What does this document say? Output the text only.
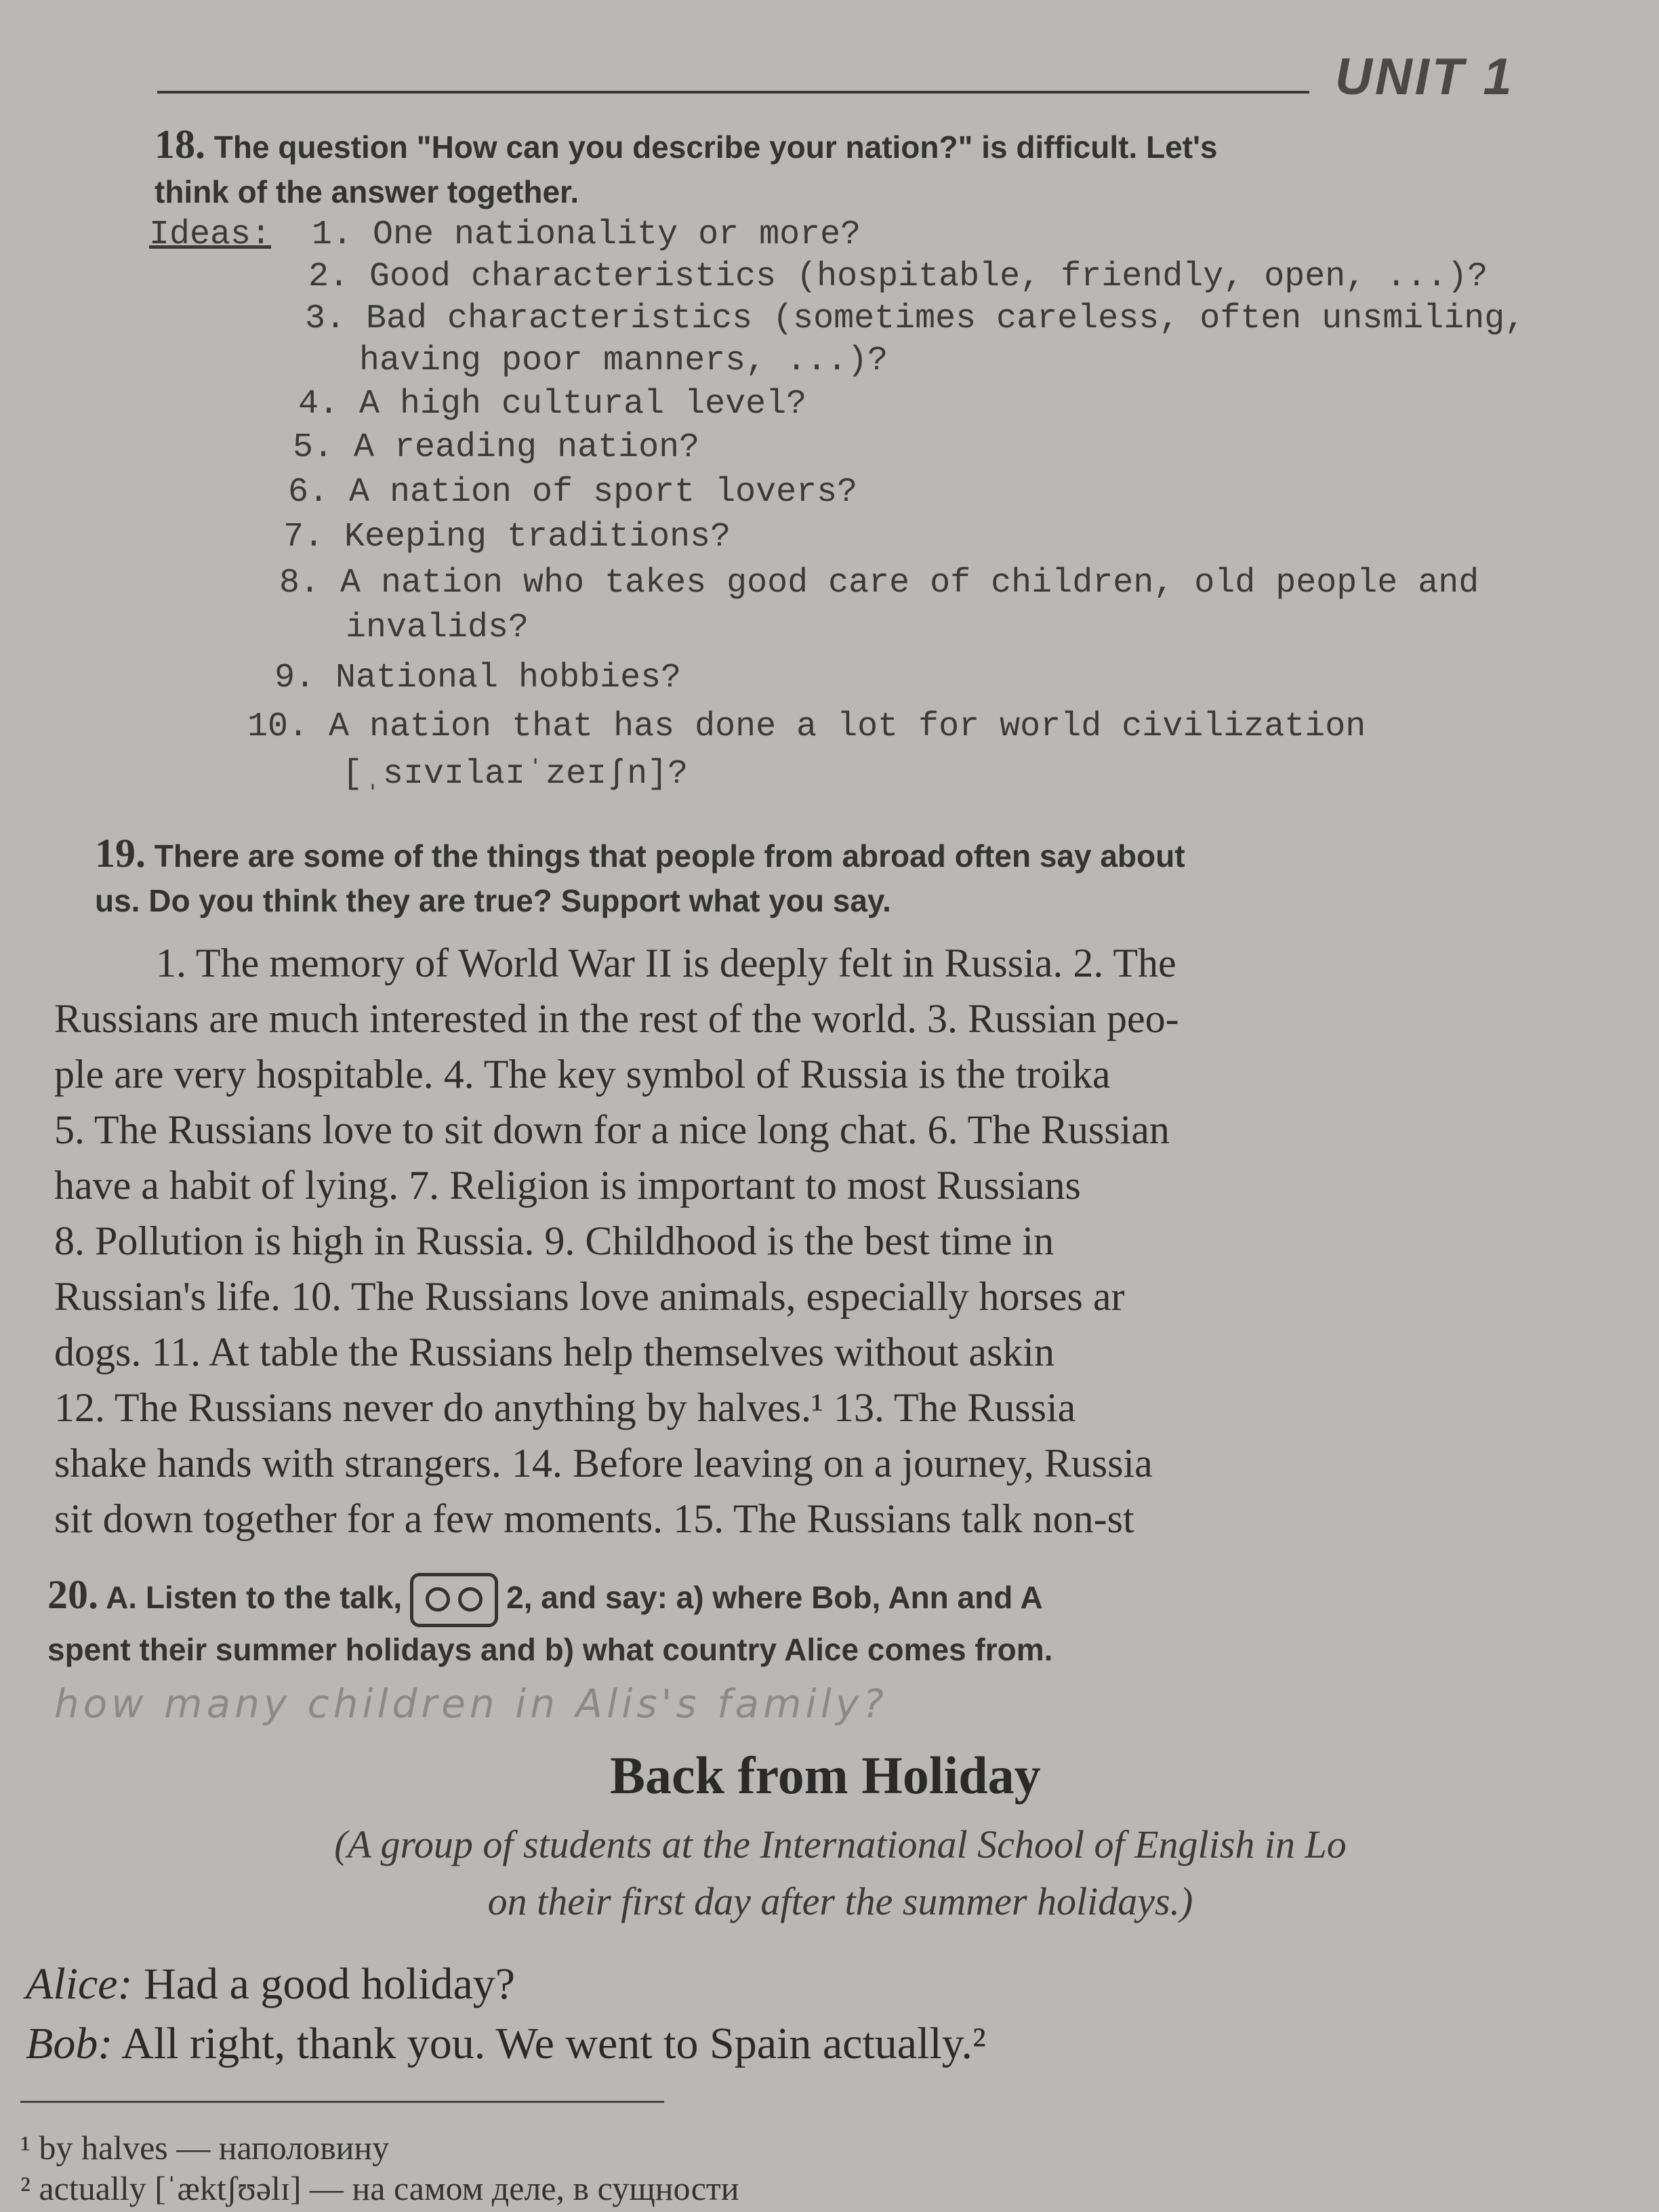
UNIT 1
18. The question "How can you describe your nation?" is difficult. Let's
think of the answer together.
Ideas: 1. One nationality or more?
2. Good characteristics (hospitable, friendly, open, ...)?
3. Bad characteristics (sometimes careless, often unsmiling,
having poor manners, ...)?
4. A high cultural level?
5. A reading nation?
6. A nation of sport lovers?
7. Keeping traditions?
8. A nation who takes good care of children, old people and
invalids?
9. National hobbies?
10. A nation that has done a lot for world civilization
[ˌsɪvɪlaɪˈzeɪʃn]?
19. There are some of the things that people from abroad often say about
us. Do you think they are true? Support what you say.
1. The memory of World War II is deeply felt in Russia. 2. The
Russians are much interested in the rest of the world. 3. Russian peo-
ple are very hospitable. 4. The key symbol of Russia is the troika
5. The Russians love to sit down for a nice long chat. 6. The Russian
have a habit of lying. 7. Religion is important to most Russians
8. Pollution is high in Russia. 9. Childhood is the best time in
Russian's life. 10. The Russians love animals, especially horses ar
dogs. 11. At table the Russians help themselves without askin
12. The Russians never do anything by halves.¹ 13. The Russia
shake hands with strangers. 14. Before leaving on a journey, Russia
sit down together for a few moments. 15. The Russians talk non-st
20. A. Listen to the talk,	2, and say: a) where Bob, Ann and A
spent their summer holidays and b) what country Alice comes from.
how many children in Alis's family?
Back from Holiday
(A group of students at the International School of English in Lo
on their first day after the summer holidays.)
Alice: Had a good holiday?
Bob: All right, thank you. We went to Spain actually.²
¹ by halves — наполовину
² actually [ˈæktʃʊəlɪ] — на самом деле, в сущности
